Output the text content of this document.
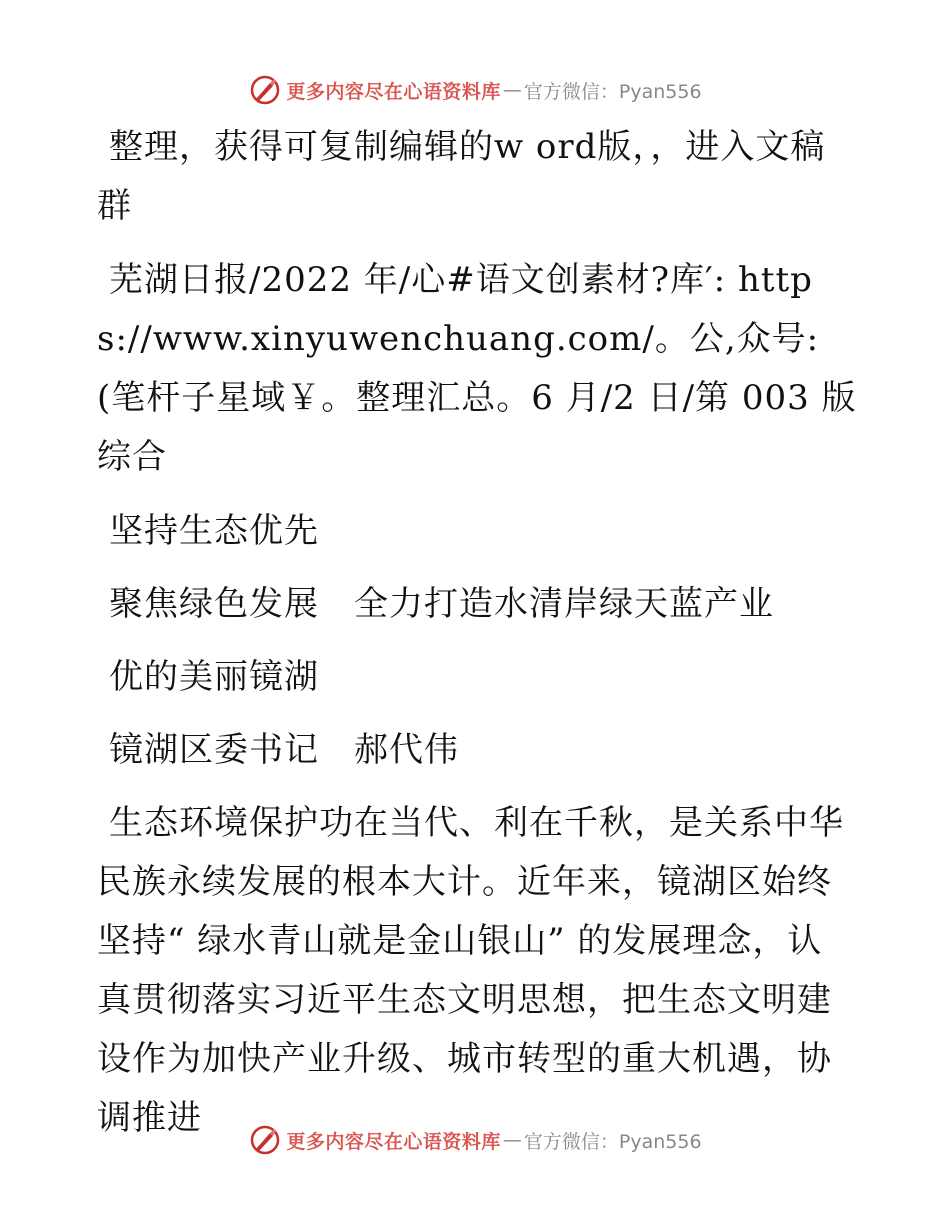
更多内容尽在心语资料库 — 官方微信：Pyan556

整理，获得可复制编辑的w ord版，，进入文稿群

芜湖日报/2022 年/心#语文创素材?库′: https://www.xinyuwenchuang.com/。公,众号: (笔杆子星域￥。整理汇总。6 月/2 日/第 003 版综合

坚持生态优先

聚焦绿色发展　全力打造水清岸绿天蓝产业

优的美丽镜湖

镜湖区委书记　郝代伟

生态环境保护功在当代、利在千秋，是关系中华民族永续发展的根本大计。近年来，镜湖区始终坚持“ 绿水青山就是金山银山” 的发展理念，认真贯彻落实习近平生态文明思想，把生态文明建设作为加快产业升级、城市转型的重大机遇，协调推进

更多内容尽在心语资料库 — 官方微信：Pyan556
